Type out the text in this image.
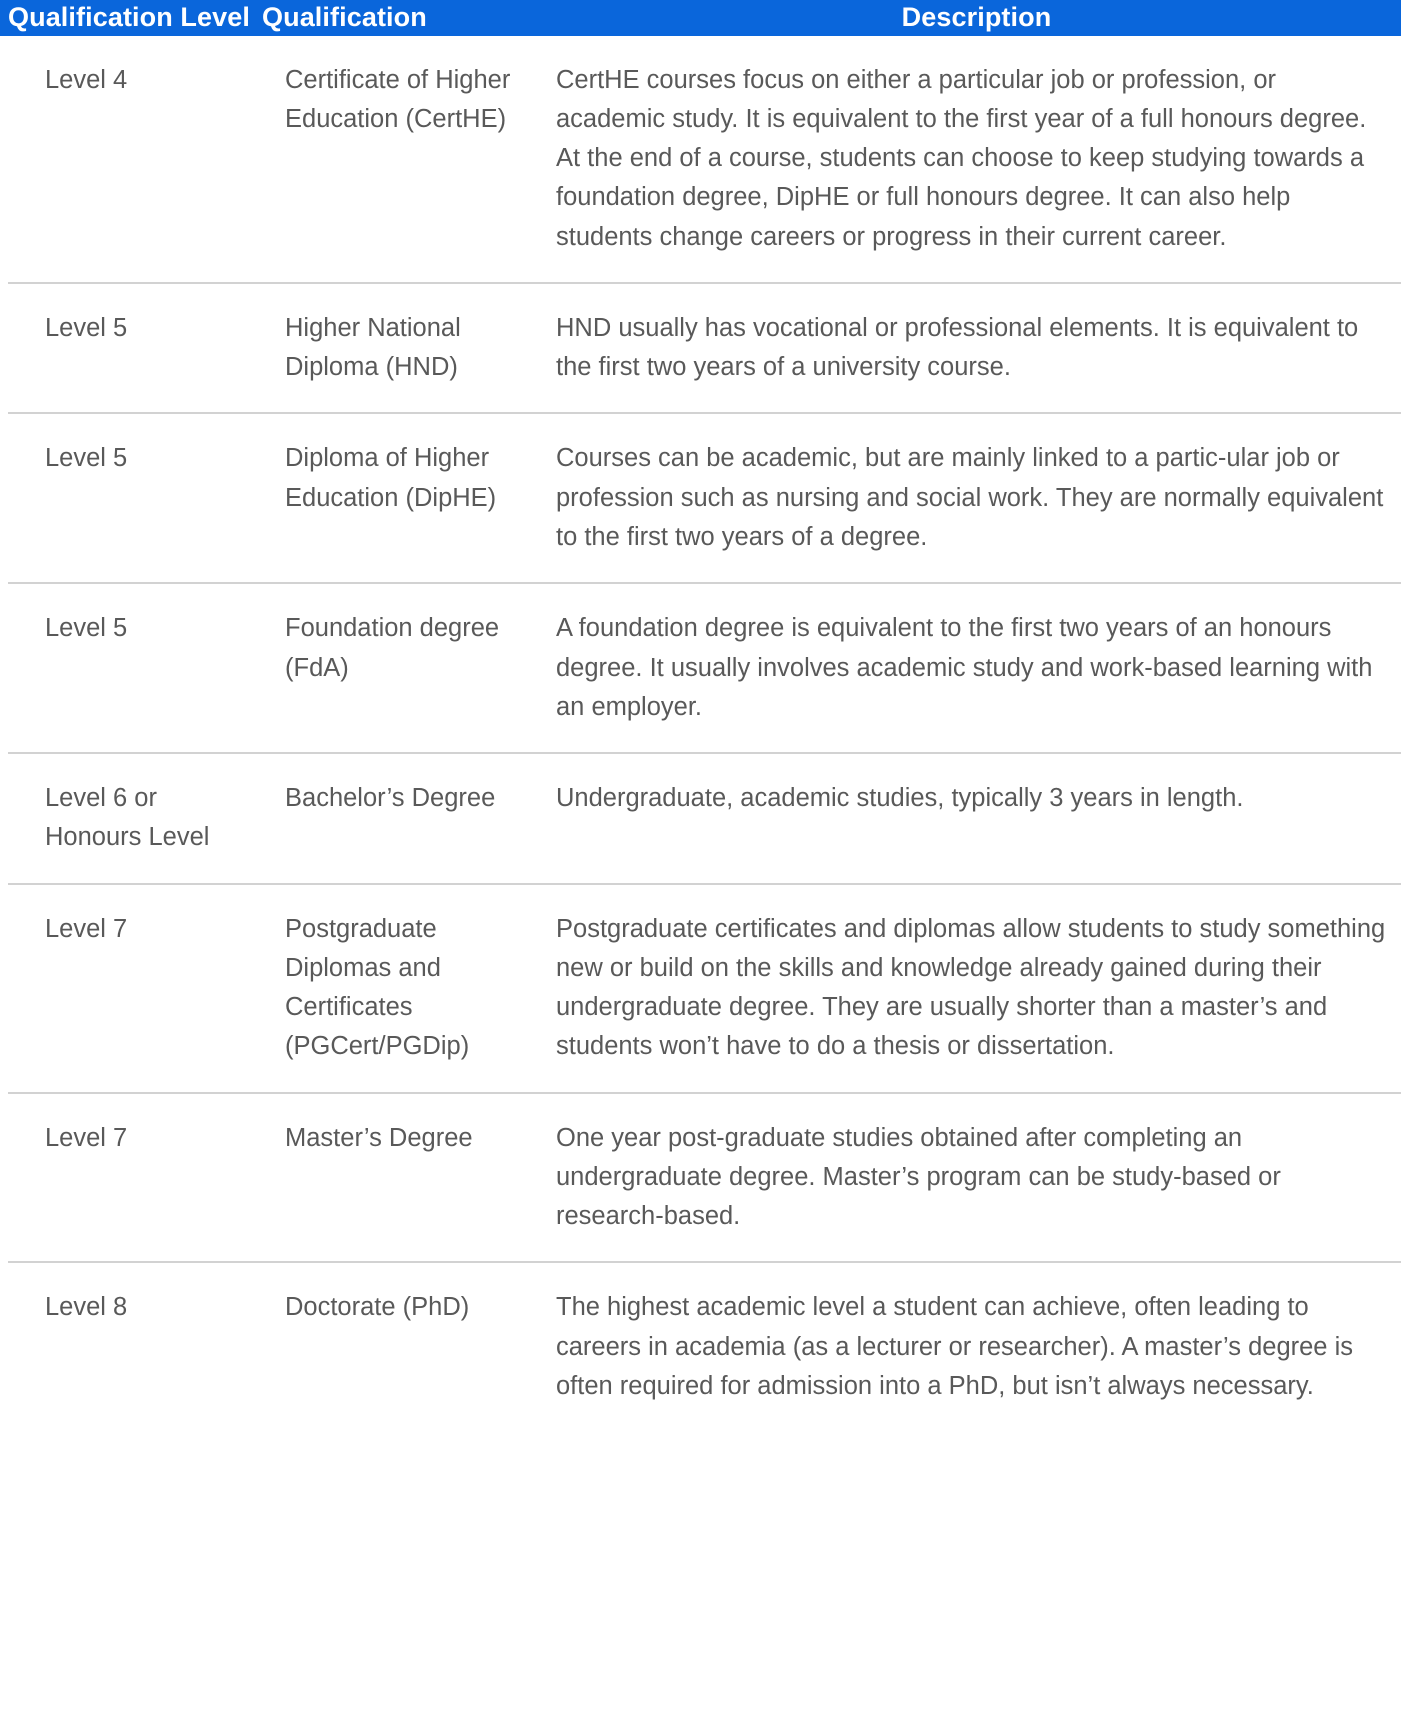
	Qualification Level	Qualification	Description	
	Level 4	Certificate of Higher Education (CertHE)	CertHE courses focus on either a particular job or profession, or academic study. It is equivalent to the first year of a full honours degree. At the end of a course, students can choose to keep studying towards a foundation degree, DipHE or full honours degree. It can also help students change careers or progress in their current career.	
	Level 5	Higher National Diploma (HND)	HND usually has vocational or professional elements. It is equivalent to the first two years of a university course.	
	Level 5	Diploma of Higher Education (DipHE)	Courses can be academic, but are mainly linked to a partic-ular job or profession such as nursing and social work. They are normally equivalent to the first two years of a degree.	
	Level 5	Foundation degree (FdA)	A foundation degree is equivalent to the first two years of an honours degree. It usually involves academic study and work-based learning with an employer.	
	Level 6 or Honours Level	Bachelor’s Degree	Undergraduate, academic studies, typically 3 years in length.	
	Level 7	Postgraduate Diplomas and Certificates (PGCert/PGDip)	Postgraduate certificates and diplomas allow students to study something new or build on the skills and knowledge already gained during their undergraduate degree. They are usually shorter than a master’s and students won’t have to do a thesis or dissertation.	
	Level 7	Master’s Degree	One year post-graduate studies obtained after completing an undergraduate degree. Master’s program can be study-based or research-based.	
	Level 8	Doctorate (PhD)	The highest academic level a student can achieve, often leading to careers in academia (as a lecturer or researcher). A master’s degree is often required for admission into a PhD, but isn’t always necessary.	
